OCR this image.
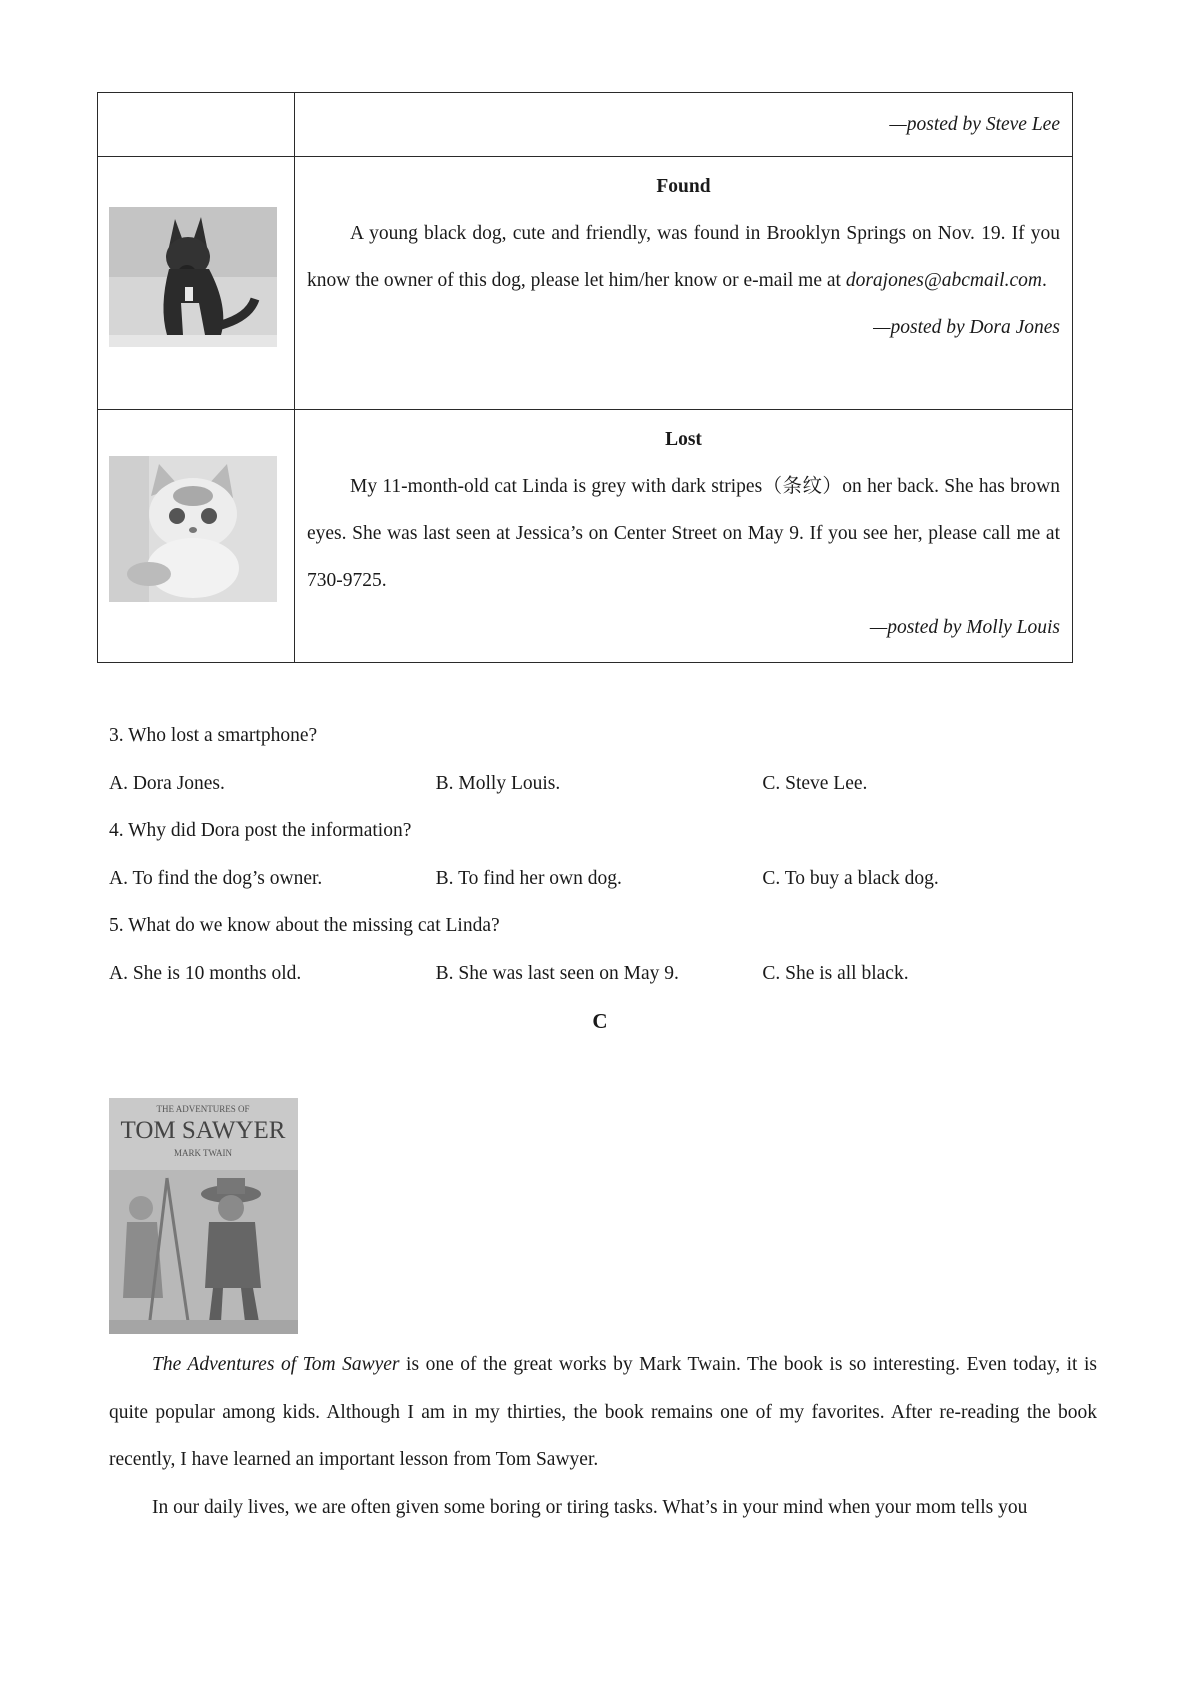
	—posted by Steve Lee

Found
A young black dog, cute and friendly, was found in Brooklyn Springs on Nov. 19. If you know the owner of this dog, please let him/her know or e-mail me at dorajones@abcmail.com.
—posted by Dora Jones

Lost
My 11-month-old cat Linda is grey with dark stripes（条纹）on her back. She has brown eyes. She was last seen at Jessica’s on Center Street on May 9. If you see her, please call me at 730-9725.
—posted by Molly Louis
3. Who lost a smartphone?
A. Dora Jones.	B. Molly Louis.	C. Steve Lee.
4. Why did Dora post the information?
A. To find the dog’s owner.	B. To find her own dog.	C. To buy a black dog.
5. What do we know about the missing cat Linda?
A. She is 10 months old.	B. She was last seen on May 9.	C. She is all black.
C
THE ADVENTURES OF
TOM SAWYER
MARK TWAIN

The Adventures of Tom Sawyer is one of the great works by Mark Twain. The book is so interesting. Even today, it is quite popular among kids. Although I am in my thirties, the book remains one of my favorites. After re-reading the book recently, I have learned an important lesson from Tom Sawyer.

In our daily lives, we are often given some boring or tiring tasks. What’s in your mind when your mom tells you
